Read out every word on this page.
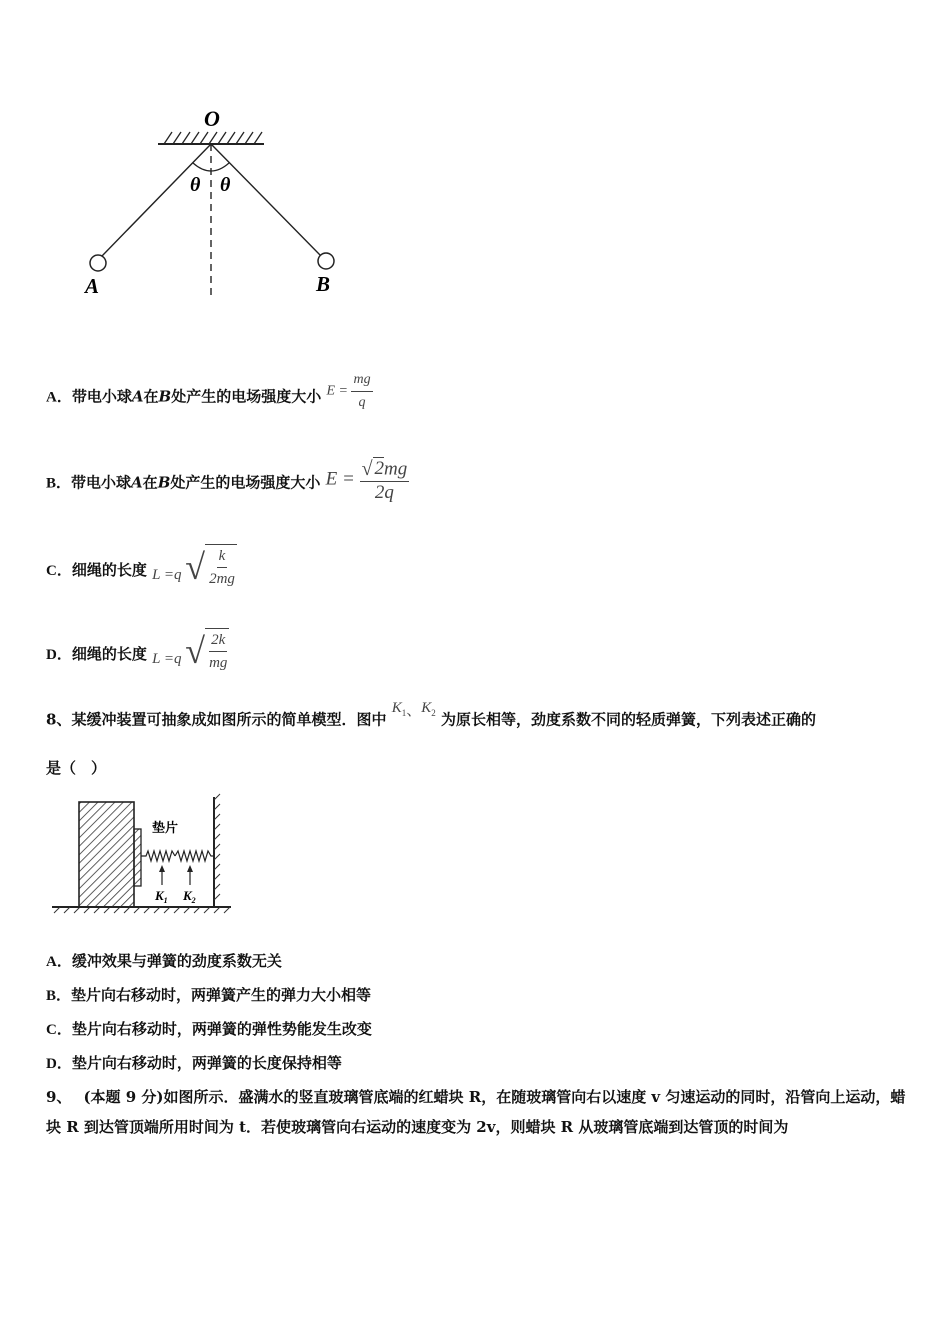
O
θ θ
A	B
A．带电小球A在B处产生的电场强度大小 $E = \frac{mg}{q}$
B．带电小球A在B处产生的电场强度大小 $E = \frac{√ 2 mg}{2q}$
C．细绳的长度 L =q √ $\frac{k}{2mg}$
D．细绳的长度 L =q √ $\frac{2k}{mg}$
8、某缓冲装置可抽象成如图所示的简单模型．图中 $K_1$、$K_2$ 为原长相等，劲度系数不同的轻质弹簧，下列表述正确的
是（　）
垫片
$K_1$ $K_2$
A．缓冲效果与弹簧的劲度系数无关
B．垫片向右移动时，两弹簧产生的弹力大小相等
C．垫片向右移动时，两弹簧的弹性势能发生改变
D．垫片向右移动时，两弹簧的长度保持相等
9、 (本题 9 分)如图所示．盛满水的竖直玻璃管底端的红蜡块 R，在随玻璃管向右以速度 v 匀速运动的同时，沿管向上运动，蜡块 R 到达管顶端所用时间为 t．若使玻璃管向右运动的速度变为 2v，则蜡块 R 从玻璃管底端到达管顶的时间为
